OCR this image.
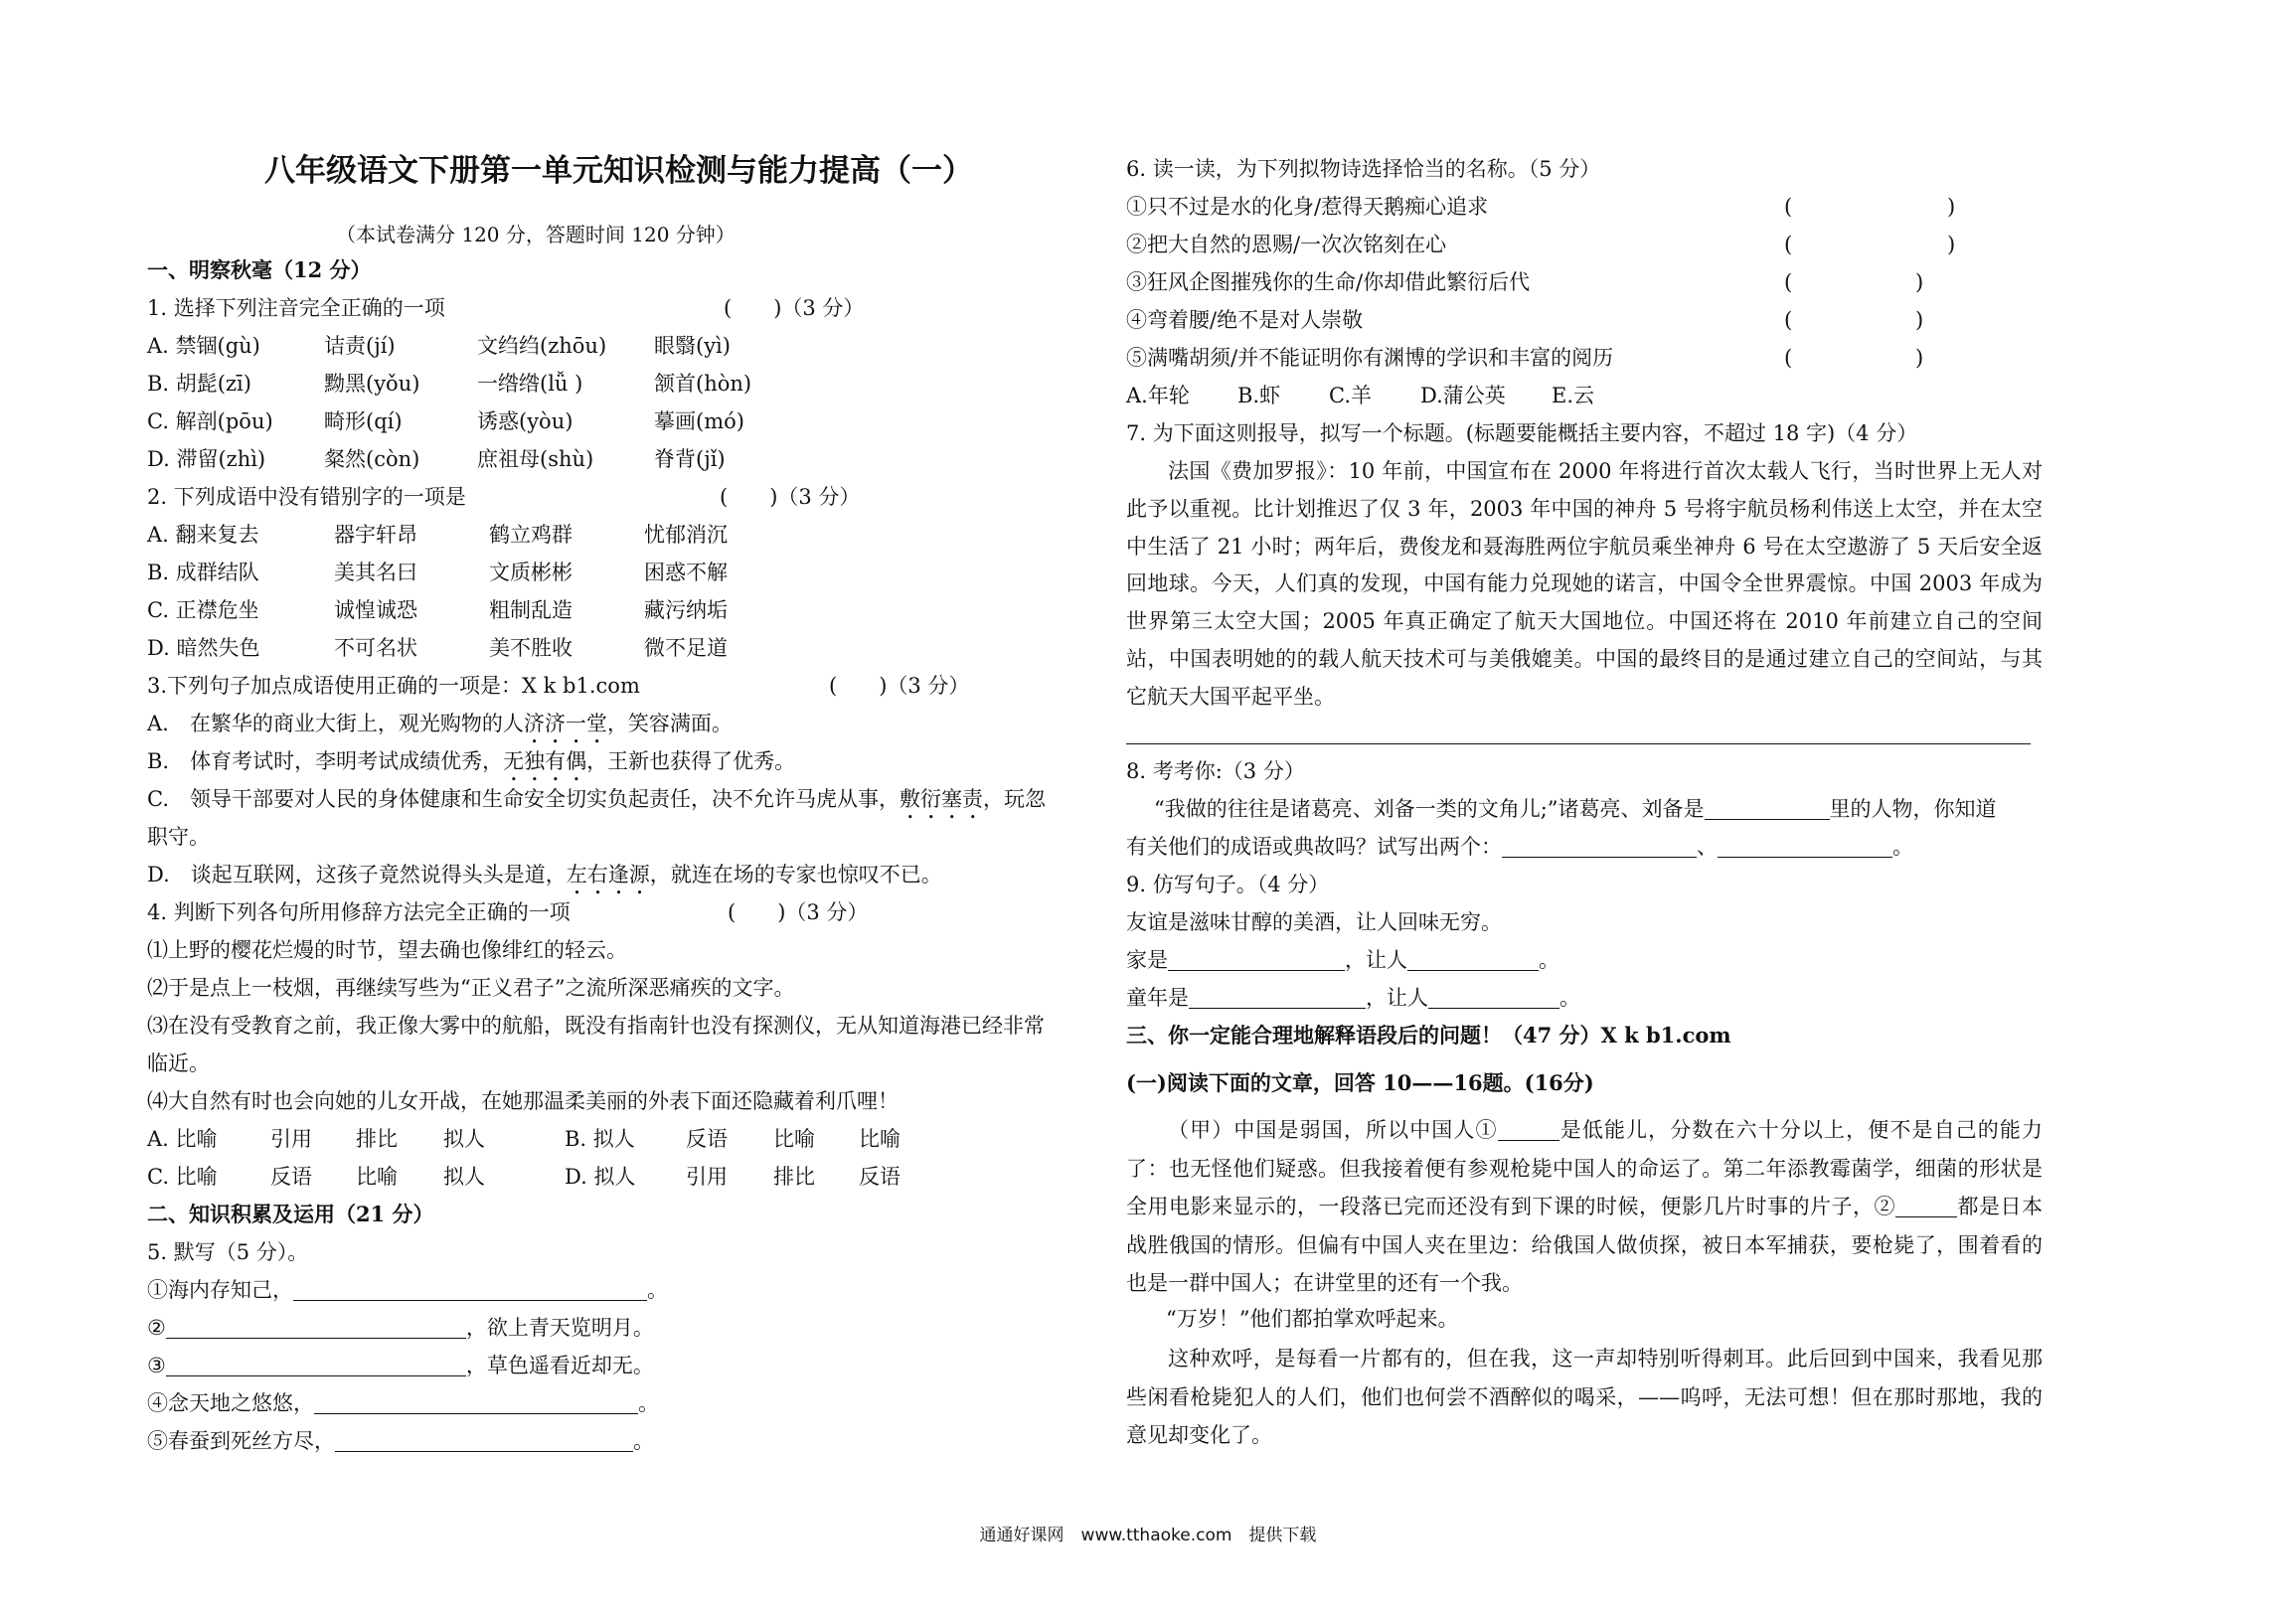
八年级语文下册第一单元知识检测与能力提高（一）
（本试卷满分 120 分，答题时间 120 分钟）
一、明察秋毫（12 分）
1. 选择下列注音完全正确的一项	(　　)（3 分）
A. 禁锢(gù)	诘责(jí)	文绉绉(zhōu) 眼翳(yì)
B. 胡髭(zī)	黝黑(yǒu)	一绺绺(lǚ )	颔首(hòn)
C. 解剖(pōu) 畸形(qí)	诱惑(yòu)	摹画(mó)
D. 滞留(zhì)	粲然(còn)	庶祖母(shù)	脊背(jǐ)
2. 下列成语中没有错别字的一项是	(　　)（3 分）
A. 翻来复去	器宇轩昂	鹤立鸡群	忧郁消沉
B. 成群结队	美其名曰	文质彬彬	困惑不解
C. 正襟危坐	诚惶诚恐	粗制乱造	藏污纳垢
D. 暗然失色	不可名状	美不胜收	微不足道
3.下列句子加点成语使用正确的一项是：X k b1.com	(　　)（3 分）
A.　在繁华的商业大街上，观光购物的人济济一堂，笑容满面。
B.　体育考试时，李明考试成绩优秀，无独有偶，王新也获得了优秀。
C.　领导干部要对人民的身体健康和生命安全切实负起责任，决不允许马虎从事，敷衍塞责，玩忽
职守。
D.　谈起互联网，这孩子竟然说得头头是道，左右逢源，就连在场的专家也惊叹不已。
4. 判断下列各句所用修辞方法完全正确的一项	(　　)（3 分）
⑴上野的樱花烂熳的时节，望去确也像绯红的轻云。
⑵于是点上一枝烟，再继续写些为“正义君子”之流所深恶痛疾的文字。
⑶在没有受教育之前，我正像大雾中的航船，既没有指南针也没有探测仪，无从知道海港已经非常
临近。
⑷大自然有时也会向她的儿女开战，在她那温柔美丽的外表下面还隐藏着利爪哩！
A. 比喻	引用 排比 拟人	B. 拟人 反语 比喻 比喻
C. 比喻	反语 比喻 拟人	D. 拟人 引用 排比 反语
二、知识积累及运用（21 分）
5. 默写（5 分）。
①海内存知己，	。
②	，欲上青天览明月。
③	，草色遥看近却无。
④念天地之悠悠，	。
⑤春蚕到死丝方尽，	。
6. 读一读，为下列拟物诗选择恰当的名称。（5 分）
①只不过是水的化身/惹得天鹅痴心追求	(	)
②把大自然的恩赐/一次次铭刻在心	(	)
③狂风企图摧残你的生命/你却借此繁衍后代	(	)
④弯着腰/绝不是对人崇敬	(	)
⑤满嘴胡须/并不能证明你有渊博的学识和丰富的阅历	(	)
A.年轮 B.虾 C.羊 D.蒲公英 E.云
7. 为下面这则报导，拟写一个标题。(标题要能概括主要内容，不超过 18 字)（4 分）
法国《费加罗报》：10 年前，中国宣布在 2000 年将进行首次太载人飞行，当时世界上无人对此予以重视。比计划推迟了仅 3 年，2003 年中国的神舟 5 号将宇航员杨利伟送上太空，并在太空中生活了 21 小时；两年后，费俊龙和聂海胜两位宇航员乘坐神舟 6 号在太空遨游了 5 天后安全返回地球。今天，人们真的发现，中国有能力兑现她的诺言，中国令全世界震惊。中国 2003 年成为世界第三太空大国；2005 年真正确定了航天大国地位。中国还将在 2010 年前建立自己的空间站，中国表明她的的载人航天技术可与美俄媲美。中国的最终目的是通过建立自己的空间站，与其它航天大国平起平坐。
8. 考考你:（3 分）
“我做的往往是诸葛亮、刘备一类的文角儿;”诸葛亮、刘备是	里的人物，你知道
有关他们的成语或典故吗？试写出两个：	、	。
9. 仿写句子。（4 分）
友谊是滋味甘醇的美酒，让人回味无穷。
家是	，让人	。
童年是	，让人	。
三、你一定能合理地解释语段后的问题！（47 分）X k b1.com
(一)阅读下面的文章，回答 10——16题。(16分)
（甲）中国是弱国，所以中国人①	是低能儿，分数在六十分以上，便不是自己的能力了：也无怪他们疑惑。但我接着便有参观枪毙中国人的命运了。第二年添教霉菌学，细菌的形状是全用电影来显示的，一段落已完而还没有到下课的时候，便影几片时事的片子，②	都是日本战胜俄国的情形。但偏有中国人夹在里边：给俄国人做侦探，被日本军捕获，要枪毙了，围着看的也是一群中国人；在讲堂里的还有一个我。
“万岁！”他们都拍掌欢呼起来。
这种欢呼，是每看一片都有的，但在我，这一声却特别听得刺耳。此后回到中国来，我看见那些闲看枪毙犯人的人们，他们也何尝不酒醉似的喝采，——呜呼，无法可想！但在那时那地，我的意见却变化了。
通通好课网　www.tthaoke.com　提供下载
